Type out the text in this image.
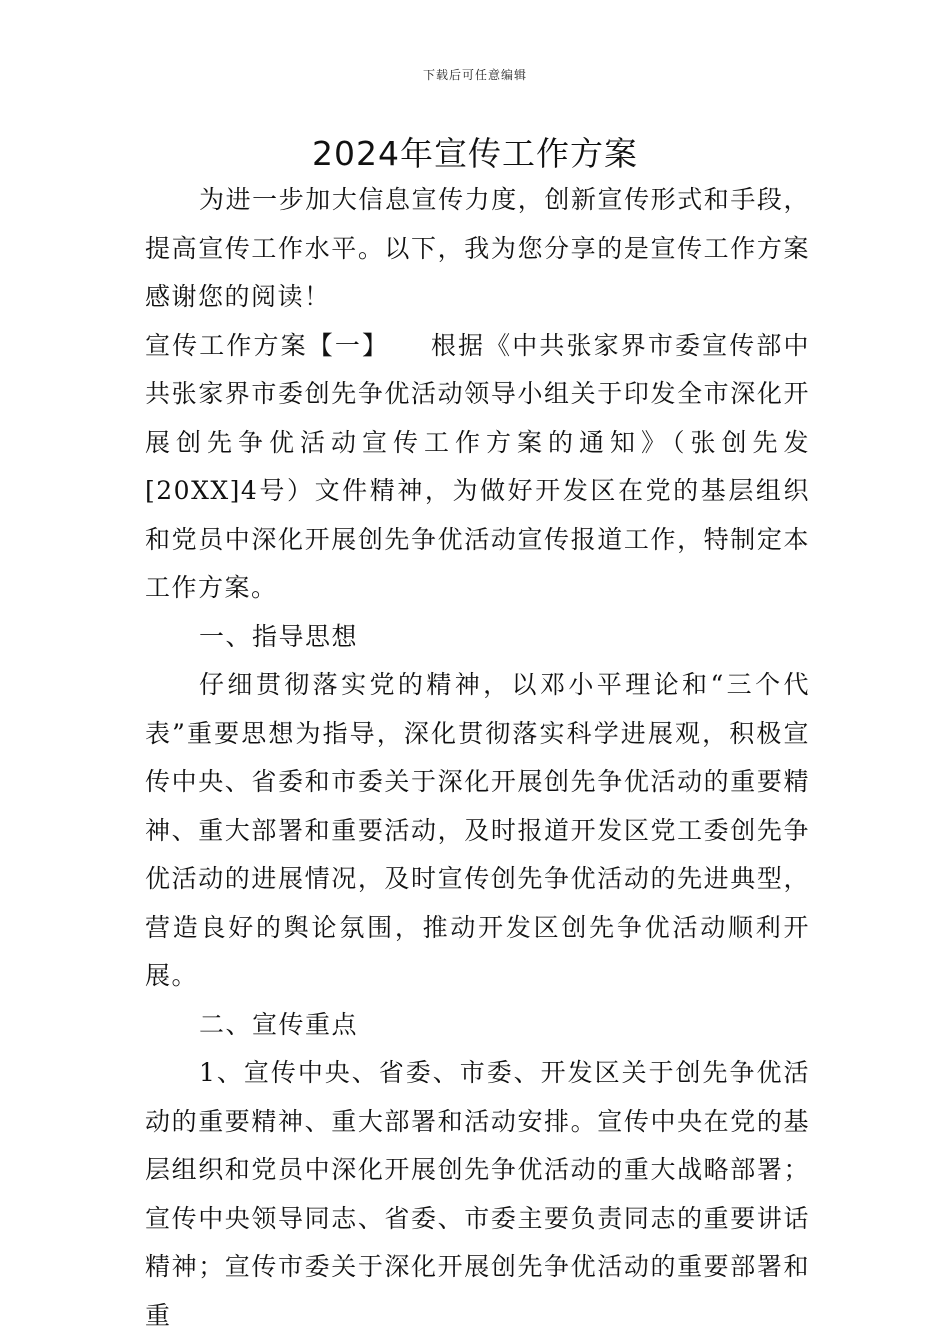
下载后可任意编辑
2024年宣传工作方案

为进一步加大信息宣传力度，创新宣传形式和手段，提高宣传工作水平。以下，我为您分享的是宣传工作方案感谢您的阅读！

宣传工作方案【一】　　根据《中共张家界市委宣传部中共张家界市委创先争优活动领导小组关于印发全市深化开展创先争优活动宣传工作方案的通知》（张创先发[20XX]4号）文件精神，为做好开发区在党的基层组织和党员中深化开展创先争优活动宣传报道工作，特制定本工作方案。

一、指导思想

仔细贯彻落实党的精神，以邓小平理论和“三个代表”重要思想为指导，深化贯彻落实科学进展观，积极宣传中央、省委和市委关于深化开展创先争优活动的重要精神、重大部署和重要活动，及时报道开发区党工委创先争优活动的进展情况，及时宣传创先争优活动的先进典型，营造良好的舆论氛围，推动开发区创先争优活动顺利开展。

二、宣传重点

1、宣传中央、省委、市委、开发区关于创先争优活动的重要精神、重大部署和活动安排。宣传中央在党的基层组织和党员中深化开展创先争优活动的重大战略部署；宣传中央领导同志、省委、市委主要负责同志的重要讲话精神；宣传市委关于深化开展创先争优活动的重要部署和重
